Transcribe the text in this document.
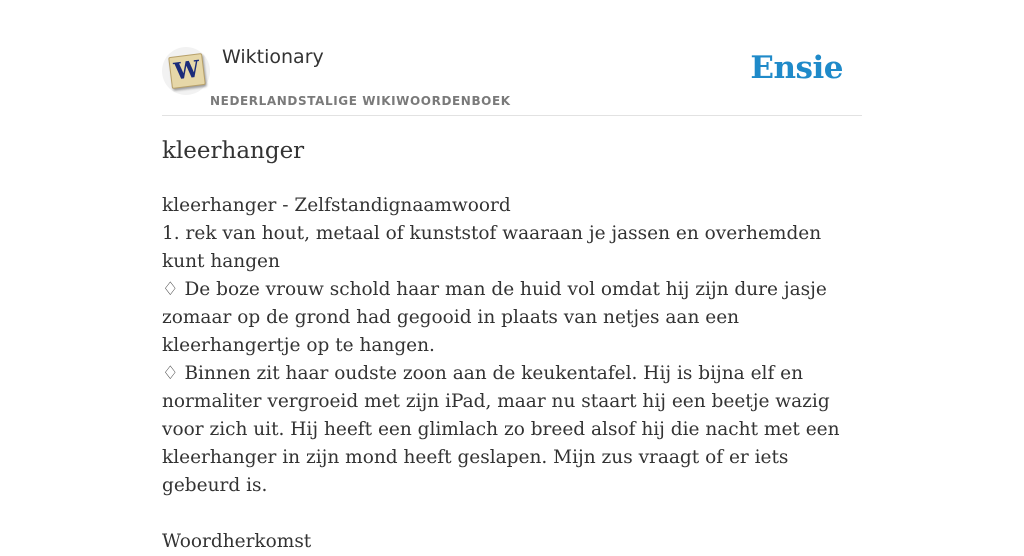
W Wiktionary
NEDERLANDSTALIGE WIKIWOORDENBOEK
Ensie
kleerhanger

kleerhanger - Zelfstandignaamwoord

1. rek van hout, metaal of kunststof waaraan je jassen en overhemden kunt hangen

♢ De boze vrouw schold haar man de huid vol omdat hij zijn dure jasje zomaar op de grond had gegooid in plaats van netjes aan een kleerhangertje op te hangen.

♢ Binnen zit haar oudste zoon aan de keukentafel. Hij is bijna elf en normaliter vergroeid met zijn iPad, maar nu staart hij een beetje wazig voor zich uit. Hij heeft een glimlach zo breed alsof hij die nacht met een kleerhanger in zijn mond heeft geslapen. Mijn zus vraagt of er iets gebeurd is.

Woordherkomst
